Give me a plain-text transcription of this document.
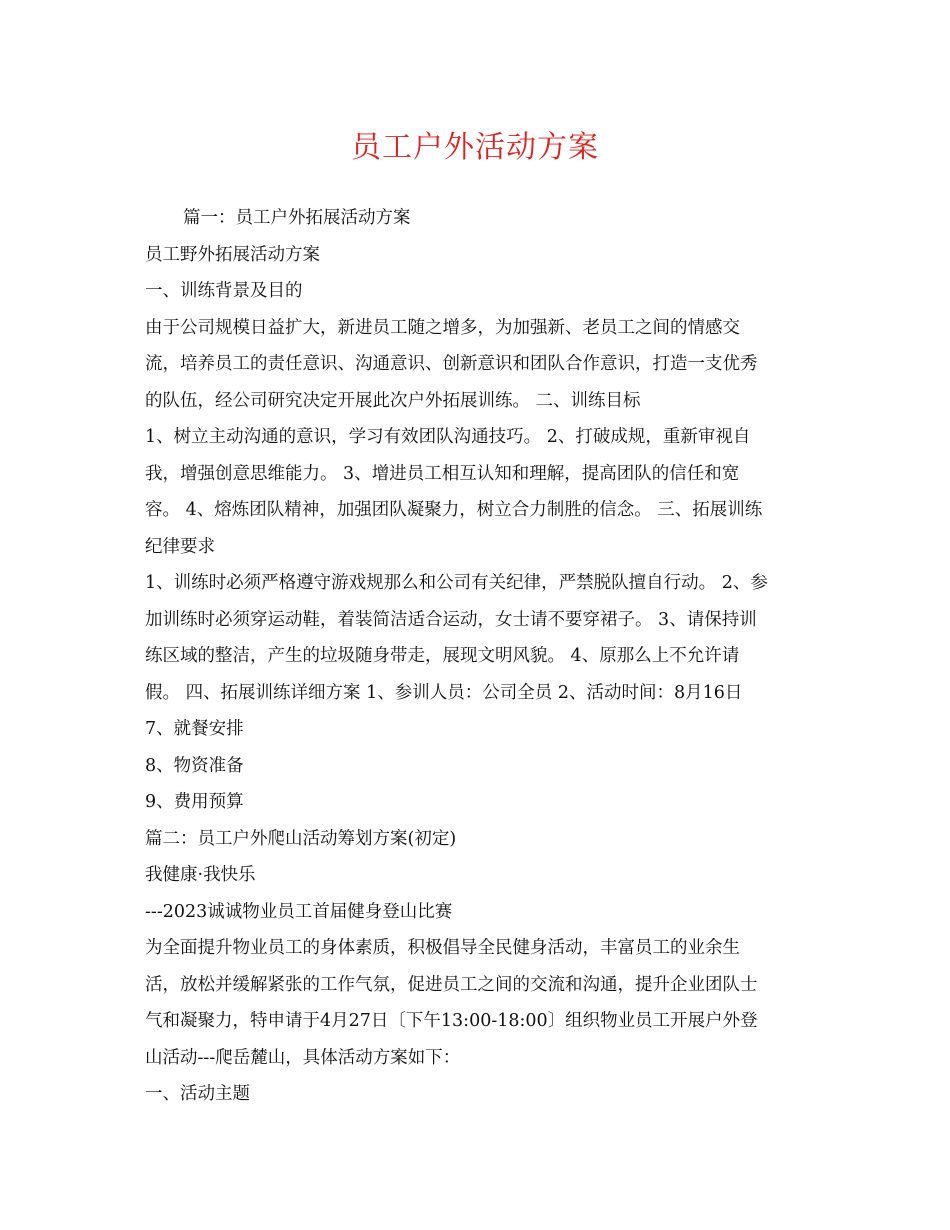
员工户外活动方案
篇一：员工户外拓展活动方案
员工野外拓展活动方案
一、训练背景及目的
由于公司规模日益扩大，新进员工随之增多，为加强新、老员工之间的情感交
流，培养员工的责任意识、沟通意识、创新意识和团队合作意识，打造一支优秀
的队伍，经公司研究决定开展此次户外拓展训练。 二、训练目标
1、树立主动沟通的意识，学习有效团队沟通技巧。 2、打破成规，重新审视自
我，增强创意思维能力。 3、增进员工相互认知和理解，提高团队的信任和宽
容。 4、熔炼团队精神，加强团队凝聚力，树立合力制胜的信念。 三、拓展训练
纪律要求
1、训练时必须严格遵守游戏规那么和公司有关纪律，严禁脱队擅自行动。 2、参
加训练时必须穿运动鞋，着装简洁适合运动，女士请不要穿裙子。 3、请保持训
练区域的整洁，产生的垃圾随身带走，展现文明风貌。 4、原那么上不允许请
假。 四、拓展训练详细方案 1、参训人员：公司全员 2、活动时间：8月16日
7、就餐安排
8、物资准备
9、费用预算
篇二：员工户外爬山活动筹划方案(初定)
我健康·我快乐
---2023诚诚物业员工首届健身登山比赛
为全面提升物业员工的身体素质，积极倡导全民健身活动，丰富员工的业余生
活，放松并缓解紧张的工作气氛，促进员工之间的交流和沟通，提升企业团队士
气和凝聚力，特申请于4月27日〔下午13:00-18:00〕组织物业员工开展户外登
山活动---爬岳麓山，具体活动方案如下：
一、活动主题
